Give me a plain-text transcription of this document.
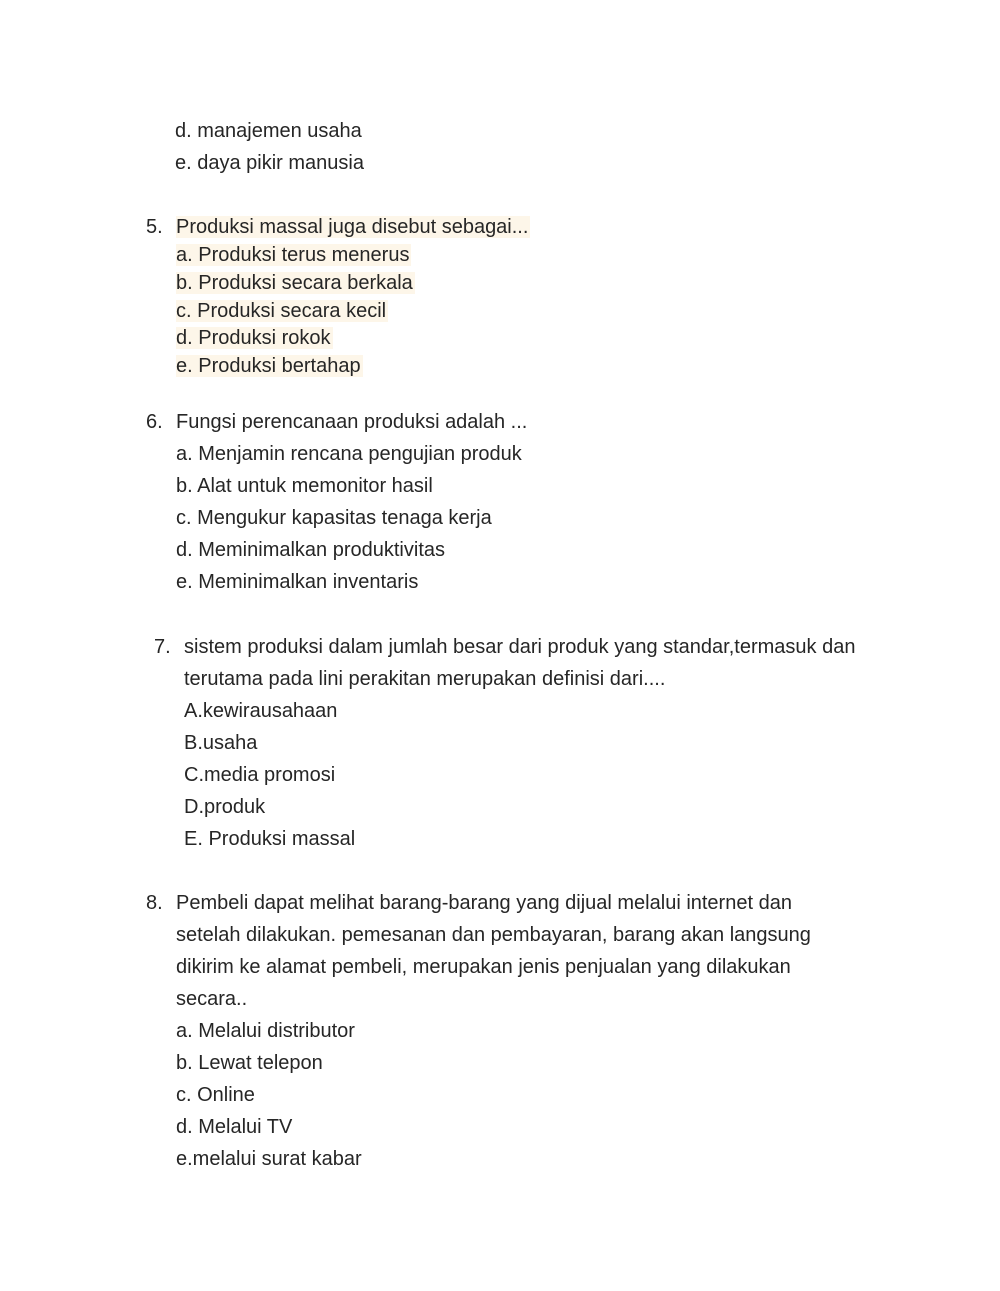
d. manajemen usaha
e. daya pikir manusia
5. Produksi massal juga disebut sebagai...
a. Produksi terus menerus
b. Produksi secara berkala
c. Produksi secara kecil
d. Produksi rokok
e. Produksi bertahap
6. Fungsi perencanaan produksi adalah ...
a. Menjamin rencana pengujian produk
b. Alat untuk memonitor hasil
c. Mengukur kapasitas tenaga kerja
d. Meminimalkan produktivitas
e. Meminimalkan inventaris
7. sistem produksi dalam jumlah besar dari produk yang standar,termasuk dan
terutama pada lini perakitan merupakan definisi dari....
A.kewirausahaan
B.usaha
C.media promosi
D.produk
E. Produksi massal
8. Pembeli dapat melihat barang-barang yang dijual melalui internet dan
setelah dilakukan. pemesanan dan pembayaran, barang akan langsung
dikirim ke alamat pembeli, merupakan jenis penjualan yang dilakukan
secara..
a. Melalui distributor
b. Lewat telepon
c. Online
d. Melalui TV
e.melalui surat kabar
